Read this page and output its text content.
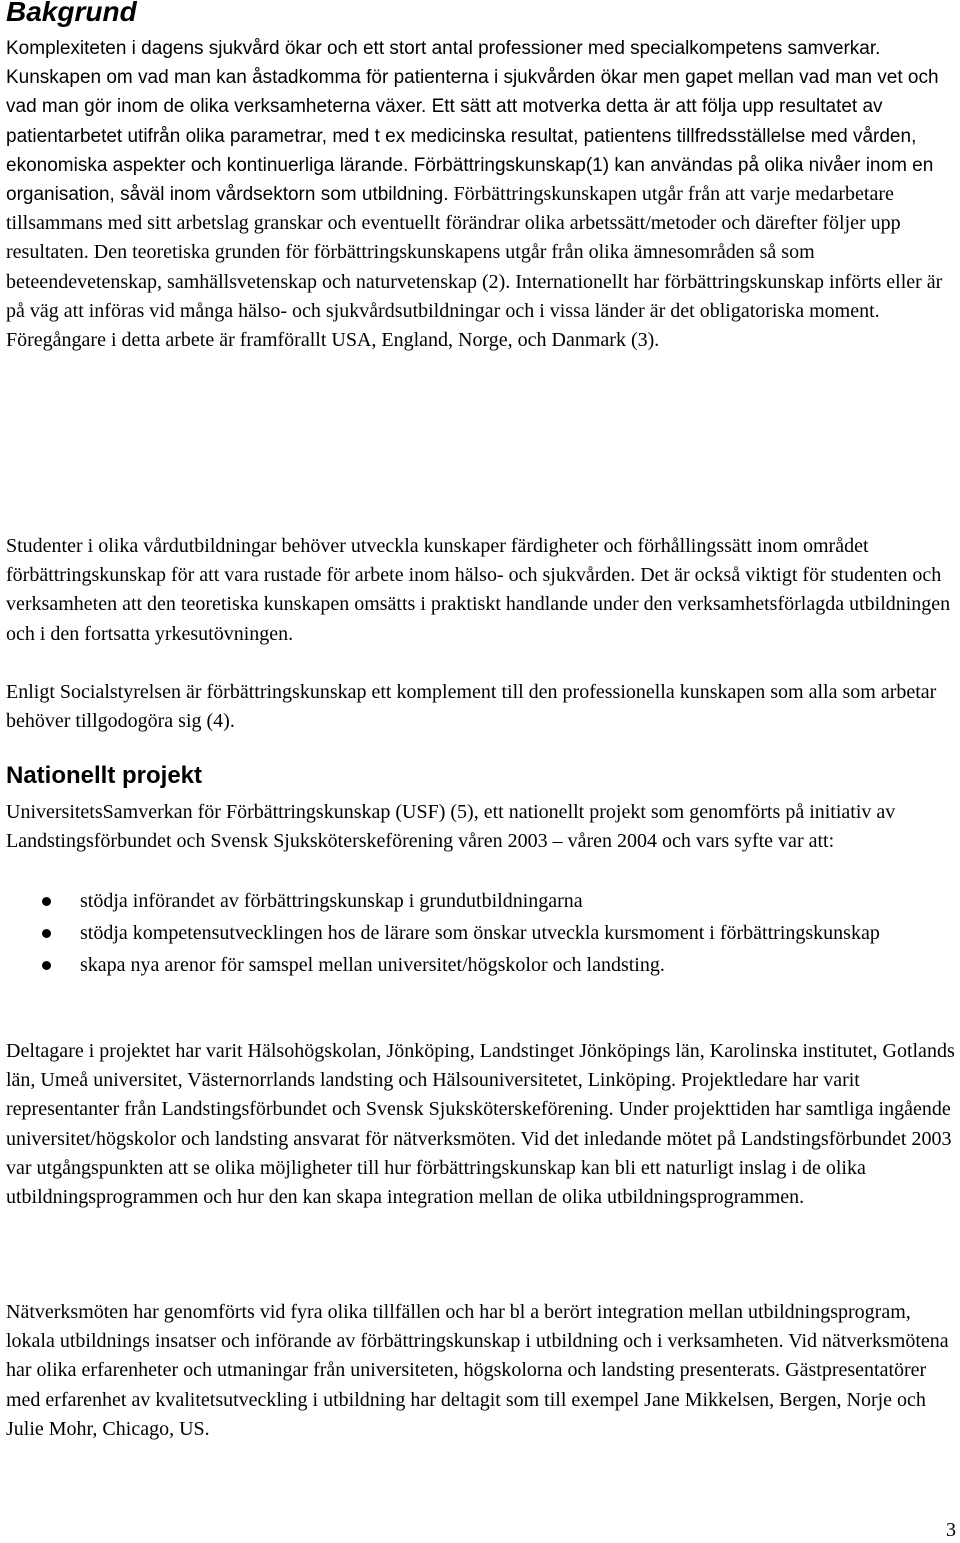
Bakgrund

Komplexiteten i dagens sjukvård ökar och ett stort antal professioner med specialkompetens samverkar. Kunskapen om vad man kan åstadkomma för patienterna i sjukvården ökar men gapet mellan vad man vet och vad man gör inom de olika verksamheterna växer. Ett sätt att motverka detta är att följa upp resultatet av patientarbetet utifrån olika parametrar, med t ex medicinska resultat, patientens tillfredsställelse med vården, ekonomiska aspekter och kontinuerliga lärande. Förbättringskunskap(1) kan användas på olika nivåer inom en organisation, såväl inom vårdsektorn som utbildning. Förbättringskunskapen utgår från att varje medarbetare tillsammans med sitt arbetslag granskar och eventuellt förändrar olika arbetssätt/metoder och därefter följer upp resultaten. Den teoretiska grunden för förbättringskunskapens utgår från olika ämnesområden så som beteendevetenskap, samhällsvetenskap och naturvetenskap (2). Internationellt har förbättringskunskap införts eller är på väg att införas vid många hälso- och sjukvårdsutbildningar och i vissa länder är det obligatoriska moment. Föregångare i detta arbete är framförallt USA, England, Norge, och Danmark (3).

Studenter i olika vårdutbildningar behöver utveckla kunskaper färdigheter och förhållingssätt inom området förbättringskunskap för att vara rustade för arbete inom hälso- och sjukvården. Det är också viktigt för studenten och verksamheten att den teoretiska kunskapen omsätts i praktiskt handlande under den verksamhetsförlagda utbildningen och i den fortsatta yrkesutövningen.

Enligt Socialstyrelsen är förbättringskunskap ett komplement till den professionella kunskapen som alla som arbetar behöver tillgodogöra sig (4).

Nationellt projekt

UniversitetsSamverkan för Förbättringskunskap (USF) (5), ett nationellt projekt som genomförts på initiativ av Landstingsförbundet och Svensk Sjuksköterskeförening våren 2003 – våren 2004 och vars syfte var att:

stödja införandet av förbättringskunskap i grundutbildningarna
stödja kompetensutvecklingen hos de lärare som önskar utveckla kursmoment i förbättringskunskap
skapa nya arenor för samspel mellan universitet/högskolor och landsting.

Deltagare i projektet har varit Hälsohögskolan, Jönköping, Landstinget Jönköpings län, Karolinska institutet, Gotlands län, Umeå universitet, Västernorrlands landsting och Hälsouniversitetet, Linköping. Projektledare har varit representanter från Landstingsförbundet och Svensk Sjuksköterskeförening. Under projekttiden har samtliga ingående universitet/högskolor och landsting ansvarat för nätverksmöten. Vid det inledande mötet på Landstingsförbundet 2003 var utgångspunkten att se olika möjligheter till hur förbättringskunskap kan bli ett naturligt inslag i de olika utbildningsprogrammen och hur den kan skapa integration mellan de olika utbildningsprogrammen.

Nätverksmöten har genomförts vid fyra olika tillfällen och har bl a berört integration mellan utbildningsprogram, lokala utbildnings insatser och införande av förbättringskunskap i utbildning och i verksamheten. Vid nätverksmötena har olika erfarenheter och utmaningar från universiteten, högskolorna och landsting presenterats. Gästpresentatörer med erfarenhet av kvalitetsutveckling i utbildning har deltagit som till exempel Jane Mikkelsen, Bergen, Norje och Julie Mohr, Chicago, US.

3
